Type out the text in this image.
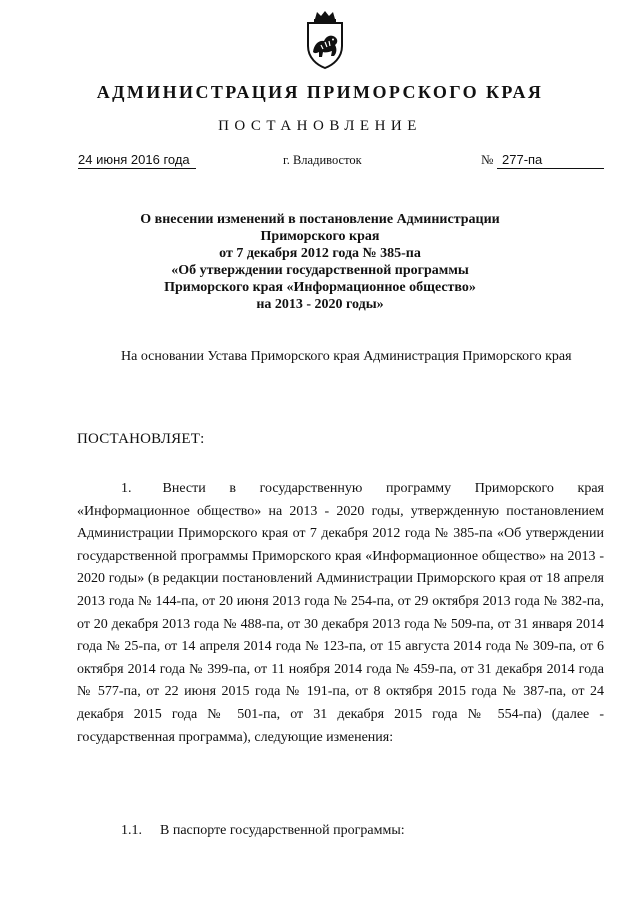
АДМИНИСТРАЦИЯ ПРИМОРСКОГО КРАЯ
ПОСТАНОВЛЕНИЕ
24 июня 2016 года	г. Владивосток	№ 277-па
О внесении изменений в постановление Администрации
Приморского края
от 7 декабря 2012 года № 385-па
«Об утверждении государственной программы
Приморского края «Информационное общество»
на 2013 - 2020 годы»

На основании Устава Приморского края Администрация Приморского края

ПОСТАНОВЛЯЕТ:

1. Внести в государственную программу Приморского края «Информационное общество» на 2013 - 2020 годы, утвержденную постановлением Администрации Приморского края от 7 декабря 2012 года № 385-па «Об утверждении государственной программы Приморского края «Информационное общество» на 2013 - 2020 годы» (в редакции постановлений Администрации Приморского края от 18 апреля 2013 года № 144-па, от 20 июня 2013 года № 254-па, от 29 октября 2013 года № 382-па, от 20 декабря 2013 года № 488-па, от 30 декабря 2013 года № 509-па, от 31 января 2014 года № 25-па, от 14 апреля 2014 года № 123-па, от 15 августа 2014 года № 309-па, от 6 октября 2014 года № 399-па, от 11 ноября 2014 года № 459-па, от 31 декабря 2014 года № 577-па, от 22 июня 2015 года № 191-па, от 8 октября 2015 года № 387-па, от 24 декабря 2015 года № 501-па, от 31 декабря 2015 года № 554-па) (далее - государственная программа), следующие изменения:

1.1. В паспорте государственной программы:
